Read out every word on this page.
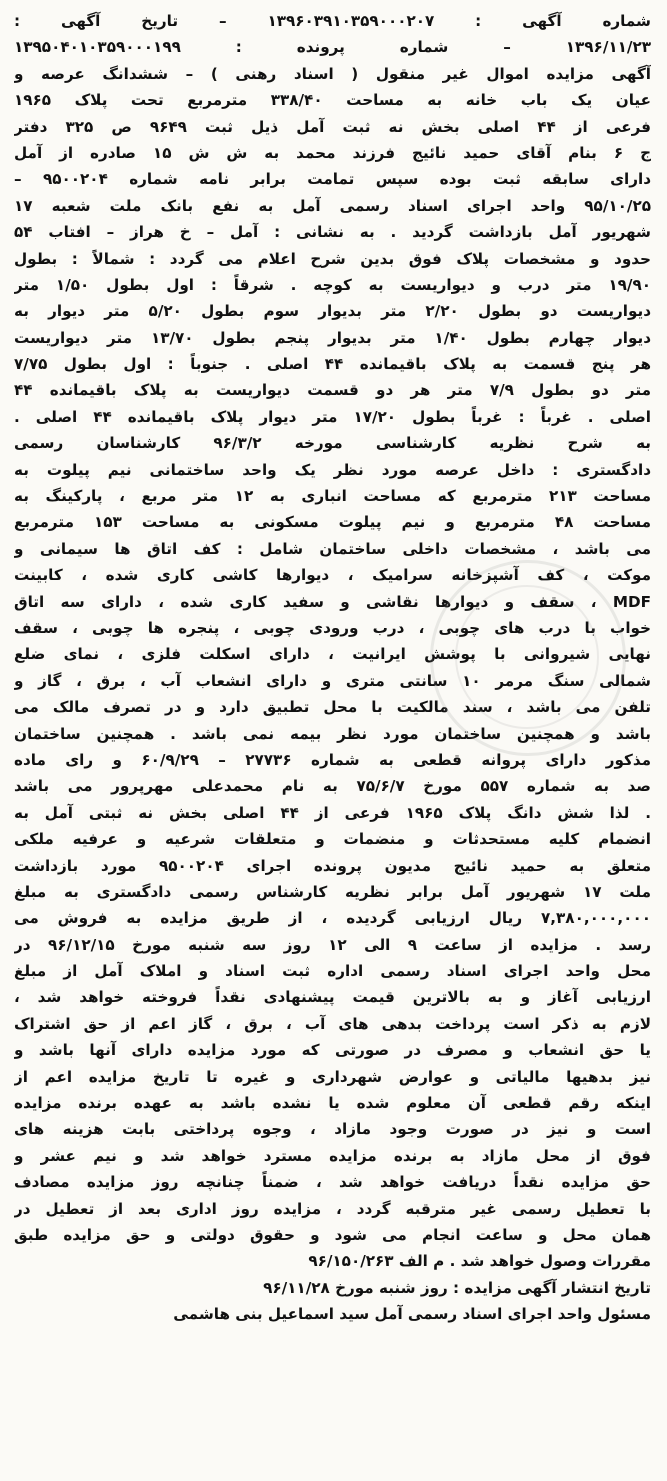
شماره آگهی : ۱۳۹۶۰۳۹۱۰۳۵۹۰۰۰۲۰۷ – تاریخ آگهی :
۱۳۹۶/۱۱/۲۳ – شماره پرونده : ۱۳۹۵۰۴۰۱۰۳۵۹۰۰۰۱۹۹
آگهی مزایده اموال غیر منقول ( اسناد رهنی ) – ششدانگ عرصه و
عیان یک باب خانه به مساحت ۳۳۸/۴۰ مترمربع تحت پلاک ۱۹۶۵
فرعی از ۴۴ اصلی بخش نه ثبت آمل ذیل ثبت ۹۶۴۹ ص ۳۲۵ دفتر
ج ۶ بنام آقای حمید نائیج فرزند محمد به ش ش ۱۵ صادره از آمل
دارای سابقه ثبت بوده سپس تمامت برابر نامه شماره ۹۵۰۰۲۰۴ –
۹۵/۱۰/۲۵ واحد اجرای اسناد رسمی آمل به نفع بانک ملت شعبه ۱۷
شهریور آمل بازداشت گردید . به نشانی : آمل – خ هراز – افتاب ۵۴
حدود و مشخصات پلاک فوق بدین شرح اعلام می گردد : شمالاً : بطول
۱۹/۹۰ متر درب و دیواریست به کوچه . شرقاً : اول بطول ۱/۵۰ متر
دیواریست دو بطول ۲/۲۰ متر بدیوار سوم بطول ۵/۲۰ متر دیوار به
دیوار چهارم بطول ۱/۴۰ متر بدیوار پنجم بطول ۱۳/۷۰ متر دیواریست
هر پنج قسمت به پلاک باقیمانده ۴۴ اصلی . جنوباً : اول بطول ۷/۷۵
متر دو بطول ۷/۹ متر هر دو قسمت دیواریست به پلاک باقیمانده ۴۴
اصلی . غرباً : غرباً بطول ۱۷/۲۰ متر دیوار پلاک باقیمانده ۴۴ اصلی .
به شرح نظریه کارشناسی مورخه ۹۶/۳/۲ کارشناسان رسمی
دادگستری : داخل عرصه مورد نظر یک واحد ساختمانی نیم پیلوت به
مساحت ۲۱۳ مترمربع که مساحت انباری به ۱۲ متر مربع ، پارکینگ به
مساحت ۴۸ مترمربع و نیم پیلوت مسکونی به مساحت ۱۵۳ مترمربع
می باشد ، مشخصات داخلی ساختمان شامل : کف اتاق ها سیمانی و
موکت ، کف آشپزخانه سرامیک ، دیوارها کاشی کاری شده ، کابینت
MDF ، سقف و دیوارها نقاشی و سفید کاری شده ، دارای سه اتاق
خواب با درب های چوبی ، درب ورودی چوبی ، پنجره ها چوبی ، سقف
نهایی شیروانی با پوشش ایرانیت ، دارای اسکلت فلزی ، نمای ضلع
شمالی سنگ مرمر ۱۰ سانتی متری و دارای انشعاب آب ، برق ، گاز و
تلفن می باشد ، سند مالکیت با محل تطبیق دارد و در تصرف مالک می
باشد و همچنین ساختمان مورد نظر بیمه نمی باشد . همچنین ساختمان
مذکور دارای پروانه قطعی به شماره ۲۷۷۳۶ – ۶۰/۹/۲۹ و رای ماده
صد به شماره ۵۵۷ مورخ ۷۵/۶/۷ به نام محمدعلی مهرپرور می باشد
. لذا شش دانگ پلاک ۱۹۶۵ فرعی از ۴۴ اصلی بخش نه ثبتی آمل به
انضمام کلیه مستحدثات و منضمات و متعلقات شرعیه و عرفیه ملکی
متعلق به حمید نائیج مدیون پرونده اجرای ۹۵۰۰۲۰۴ مورد بازداشت
ملت ۱۷ شهریور آمل برابر نظریه کارشناس رسمی دادگستری به مبلغ
۷,۳۸۰,۰۰۰,۰۰۰ ریال ارزیابی گردیده ، از طریق مزایده به فروش می
رسد . مزایده از ساعت ۹ الی ۱۲ روز سه شنبه مورخ ۹۶/۱۲/۱۵ در
محل واحد اجرای اسناد رسمی اداره ثبت اسناد و املاک آمل از مبلغ
ارزیابی آغاز و به بالاترین قیمت پیشنهادی نقداً فروخته خواهد شد ،
لازم به ذکر است پرداخت بدهی های آب ، برق ، گاز اعم از حق اشتراک
یا حق انشعاب و مصرف در صورتی که مورد مزایده دارای آنها باشد و
نیز بدهیها مالیاتی و عوارض شهرداری و غیره تا تاریخ مزایده اعم از
اینکه رقم قطعی آن معلوم شده یا نشده باشد به عهده برنده مزایده
است و نیز در صورت وجود مازاد ، وجوه پرداختی بابت هزینه های
فوق از محل مازاد به برنده مزایده مسترد خواهد شد و نیم عشر و
حق مزایده نقداً دریافت خواهد شد ، ضمناً چنانچه روز مزایده مصادف
با تعطیل رسمی غیر مترقبه گردد ، مزایده روز اداری بعد از تعطیل در
همان محل و ساعت انجام می شود و حقوق دولتی و حق مزایده طبق
مقررات وصول خواهد شد . م الف ۹۶/۱۵۰/۲۶۳
تاریخ انتشار آگهی مزایده : روز شنبه مورخ ۹۶/۱۱/۲۸
مسئول واحد اجرای اسناد رسمی آمل سید اسماعیل بنی هاشمی
